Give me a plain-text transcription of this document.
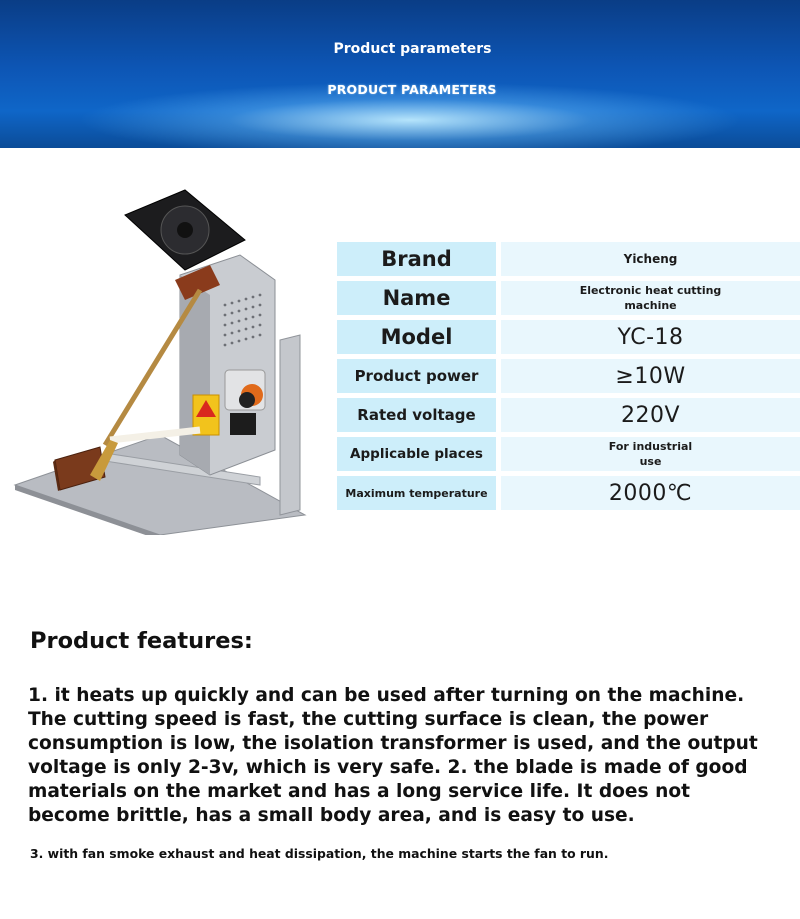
Product parameters
PRODUCT PARAMETERS
Brand	Yicheng
Name	Electronic heat cutting machine
Model	YC-18
Product power	≥10W
Rated voltage	220V
Applicable places	For industrial use
Maximum temperature	2000℃
Product features:
1. it heats up quickly and can be used after turning on the machine. The cutting speed is fast, the cutting surface is clean, the power consumption is low, the isolation transformer is used, and the output voltage is only 2-3v, which is very safe. 2. the blade is made of good materials on the market and has a long service life. It does not become brittle, has a small body area, and is easy to use.
3. with fan smoke exhaust and heat dissipation, the machine starts the fan to run.
